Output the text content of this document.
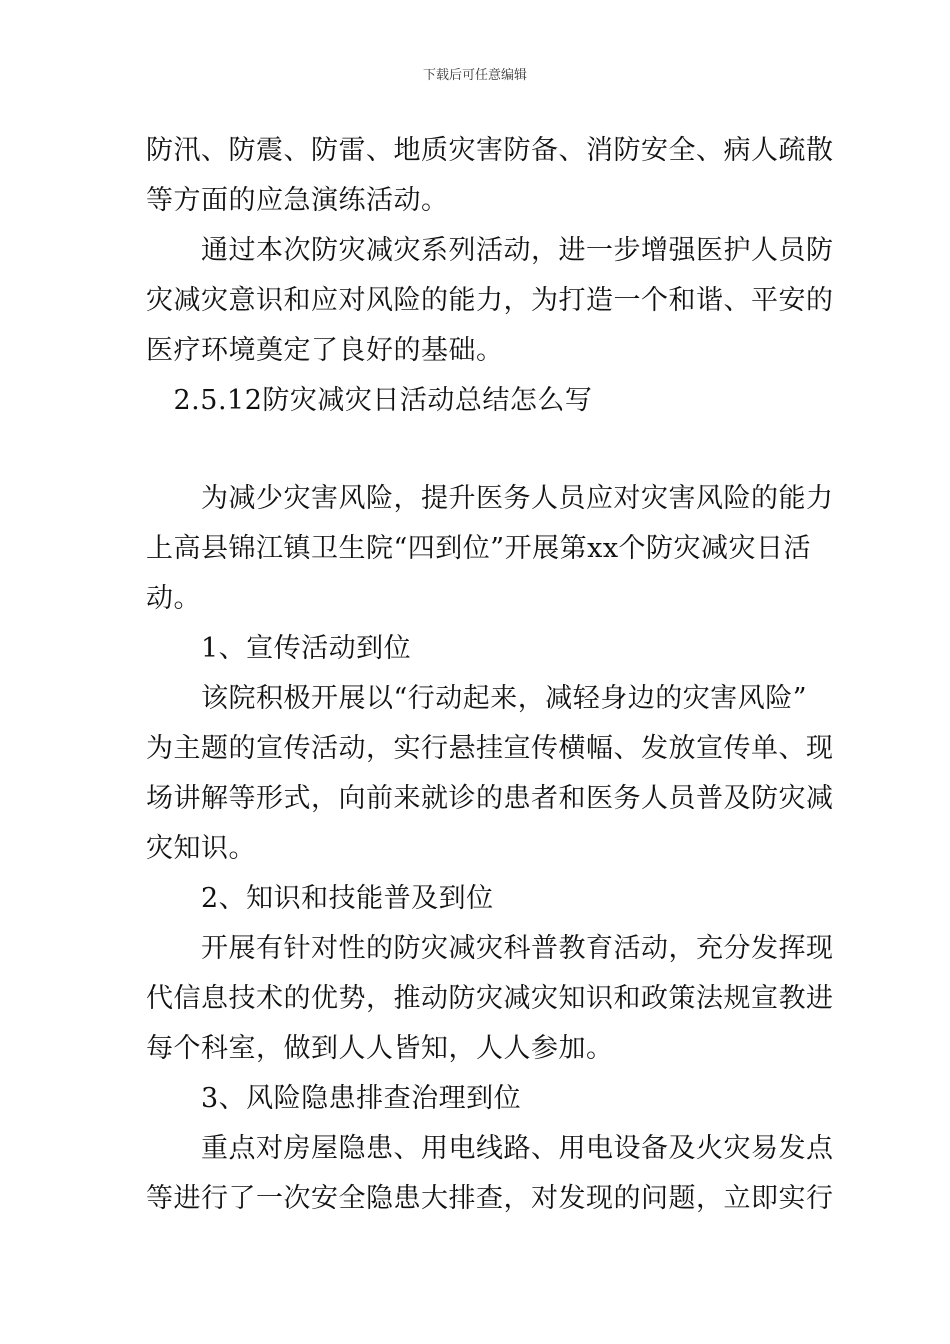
下载后可任意编辑
防汛、防震、防雷、地质灾害防备、消防安全、病人疏散
等方面的应急演练活动。
　　通过本次防灾减灾系列活动，进一步增强医护人员防
灾减灾意识和应对风险的能力，为打造一个和谐、平安的
医疗环境奠定了良好的基础。
　2.5.12防灾减灾日活动总结怎么写
　　为减少灾害风险，提升医务人员应对灾害风险的能力
上高县锦江镇卫生院“四到位”开展第xx个防灾减灾日活
动。
　　1、宣传活动到位
　　该院积极开展以“行动起来，减轻身边的灾害风险”
为主题的宣传活动，实行悬挂宣传横幅、发放宣传单、现
场讲解等形式，向前来就诊的患者和医务人员普及防灾减
灾知识。
　　2、知识和技能普及到位
　　开展有针对性的防灾减灾科普教育活动，充分发挥现
代信息技术的优势，推动防灾减灾知识和政策法规宣教进
每个科室，做到人人皆知，人人参加。
　　3、风险隐患排查治理到位
　　重点对房屋隐患、用电线路、用电设备及火灾易发点
等进行了一次安全隐患大排查，对发现的问题，立即实行
